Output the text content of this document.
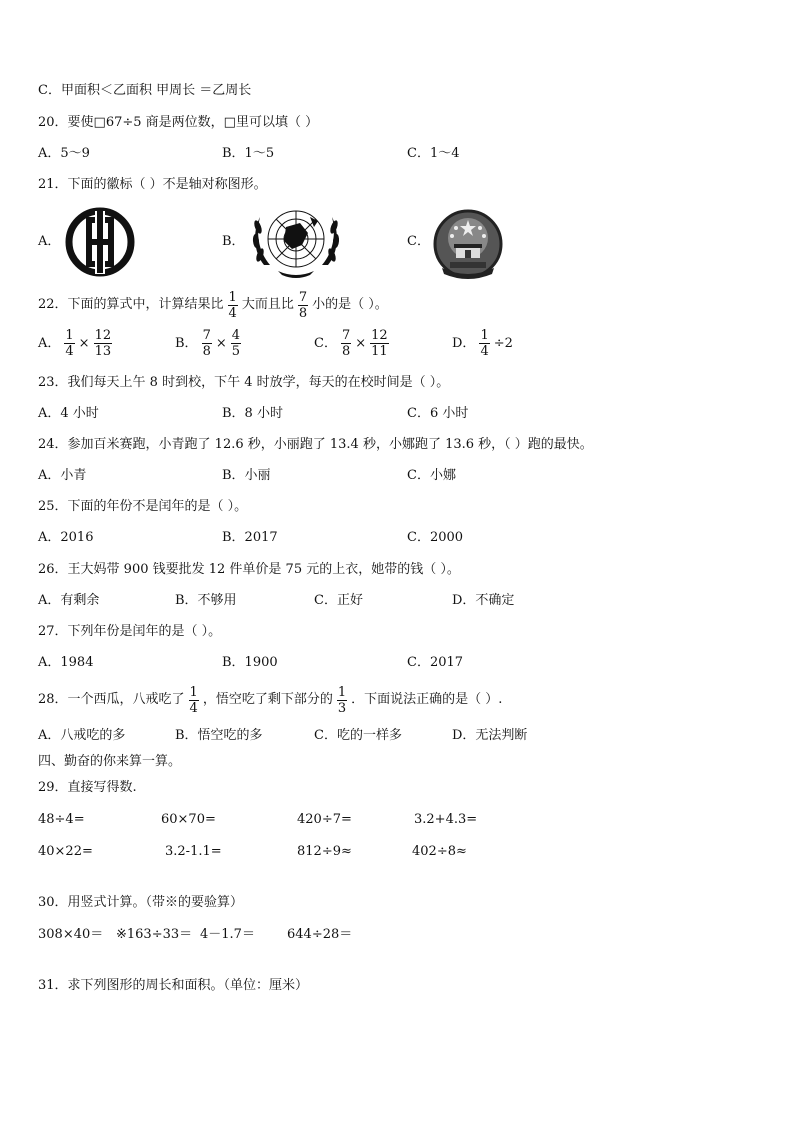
C．甲面积＜乙面积 甲周长 ＝乙周长
20．要使□67÷5 商是两位数，□里可以填（ ）
A．5～9	B．1～5	C．1～4
21．下面的徽标（ ）不是轴对称图形。
A．	B．	C．
22．下面的算式中，计算结果比 $\frac{1}{4}$ 大而且比 $\frac{7}{8}$ 小的是（ ）。
A． $\frac{1}{4} \times \frac{12}{13}$	B． $\frac{7}{8} \times \frac{4}{5}$	C． $\frac{7}{8} \times \frac{12}{11}$	D． $\frac{1}{4} \div 2$
23．我们每天上午 8 时到校，下午 4 时放学，每天的在校时间是（ ）。
A．4 小时	B．8 小时	C．6 小时
24．参加百米赛跑，小青跑了 12.6 秒，小丽跑了 13.4 秒，小娜跑了 13.6 秒，（ ）跑的最快。
A．小青	B．小丽	C．小娜
25．下面的年份不是闰年的是（ ）。
A．2016	B．2017	C．2000
26．王大妈带 900 钱要批发 12 件单价是 75 元的上衣，她带的钱（ ）。
A．有剩余	B．不够用	C．正好	D．不确定
27．下列年份是闰年的是（ ）。
A．1984	B．1900	C．2017
28．一个西瓜，八戒吃了 $\frac{1}{4}$ ，悟空吃了剩下部分的 $\frac{1}{3}$ ．下面说法正确的是（ ）.
A．八戒吃的多	B．悟空吃的多	C．吃的一样多	D．无法判断
四、勤奋的你来算一算。
29．直接写得数.
48÷4=	60×70=	420÷7=	3.2+4.3=
40×22=	3.2-1.1=	812÷9≈	402÷8≈
30．用竖式计算。（带※的要验算）
308×40＝ ※163÷33＝ 4－1.7＝ 644÷28＝
31．求下列图形的周长和面积。（单位：厘米）
